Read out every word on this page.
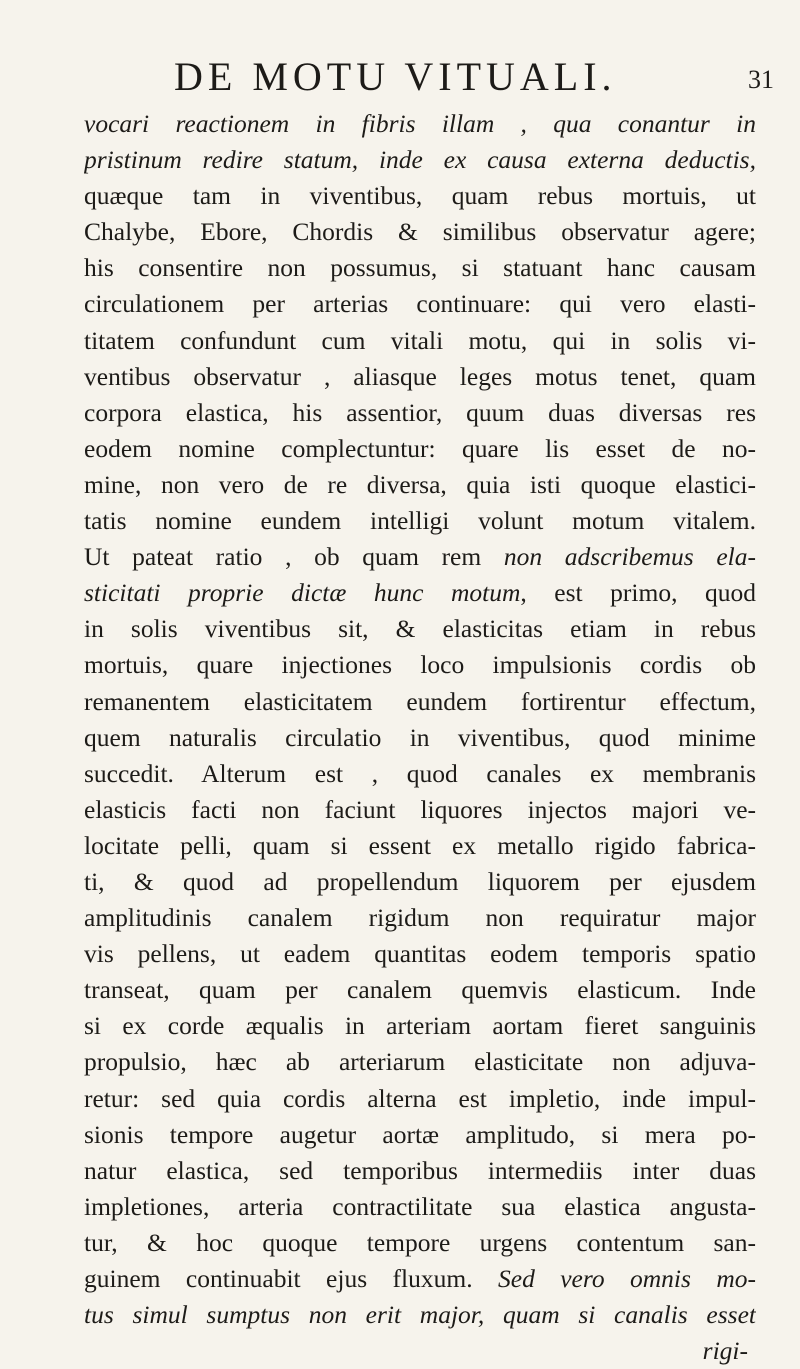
DE MOTU VITUALI.	31
vocari reactionem in fibris illam , qua conantur in
pristinum redire statum, inde ex causa externa deductis,
quæque tam in viventibus, quam rebus mortuis, ut
Chalybe, Ebore, Chordis & similibus observatur agere;
his consentire non possumus, si statuant hanc causam
circulationem per arterias continuare: qui vero elasti-
titatem confundunt cum vitali motu, qui in solis vi-
ventibus observatur , aliasque leges motus tenet, quam
corpora elastica, his assentior, quum duas diversas res
eodem nomine complectuntur: quare lis esset de no-
mine, non vero de re diversa, quia isti quoque elastici-
tatis nomine eundem intelligi volunt motum vitalem.
Ut pateat ratio , ob quam rem non adscribemus ela-
sticitati proprie dictæ hunc motum, est primo, quod
in solis viventibus sit, & elasticitas etiam in rebus
mortuis, quare injectiones loco impulsionis cordis ob
remanentem elasticitatem eundem fortirentur effectum,
quem naturalis circulatio in viventibus, quod minime
succedit. Alterum est , quod canales ex membranis
elasticis facti non faciunt liquores injectos majori ve-
locitate pelli, quam si essent ex metallo rigido fabrica-
ti, & quod ad propellendum liquorem per ejusdem
amplitudinis canalem rigidum non requiratur major
vis pellens, ut eadem quantitas eodem temporis spatio
transeat, quam per canalem quemvis elasticum. Inde
si ex corde æqualis in arteriam aortam fieret sanguinis
propulsio, hæc ab arteriarum elasticitate non adjuva-
retur: sed quia cordis alterna est impletio, inde impul-
sionis tempore augetur aortæ amplitudo, si mera po-
natur elastica, sed temporibus intermediis inter duas
impletiones, arteria contractilitate sua elastica angusta-
tur, & hoc quoque tempore urgens contentum san-
guinem continuabit ejus fluxum. Sed vero omnis mo-
tus simul sumptus non erit major, quam si canalis esset
rigi-
